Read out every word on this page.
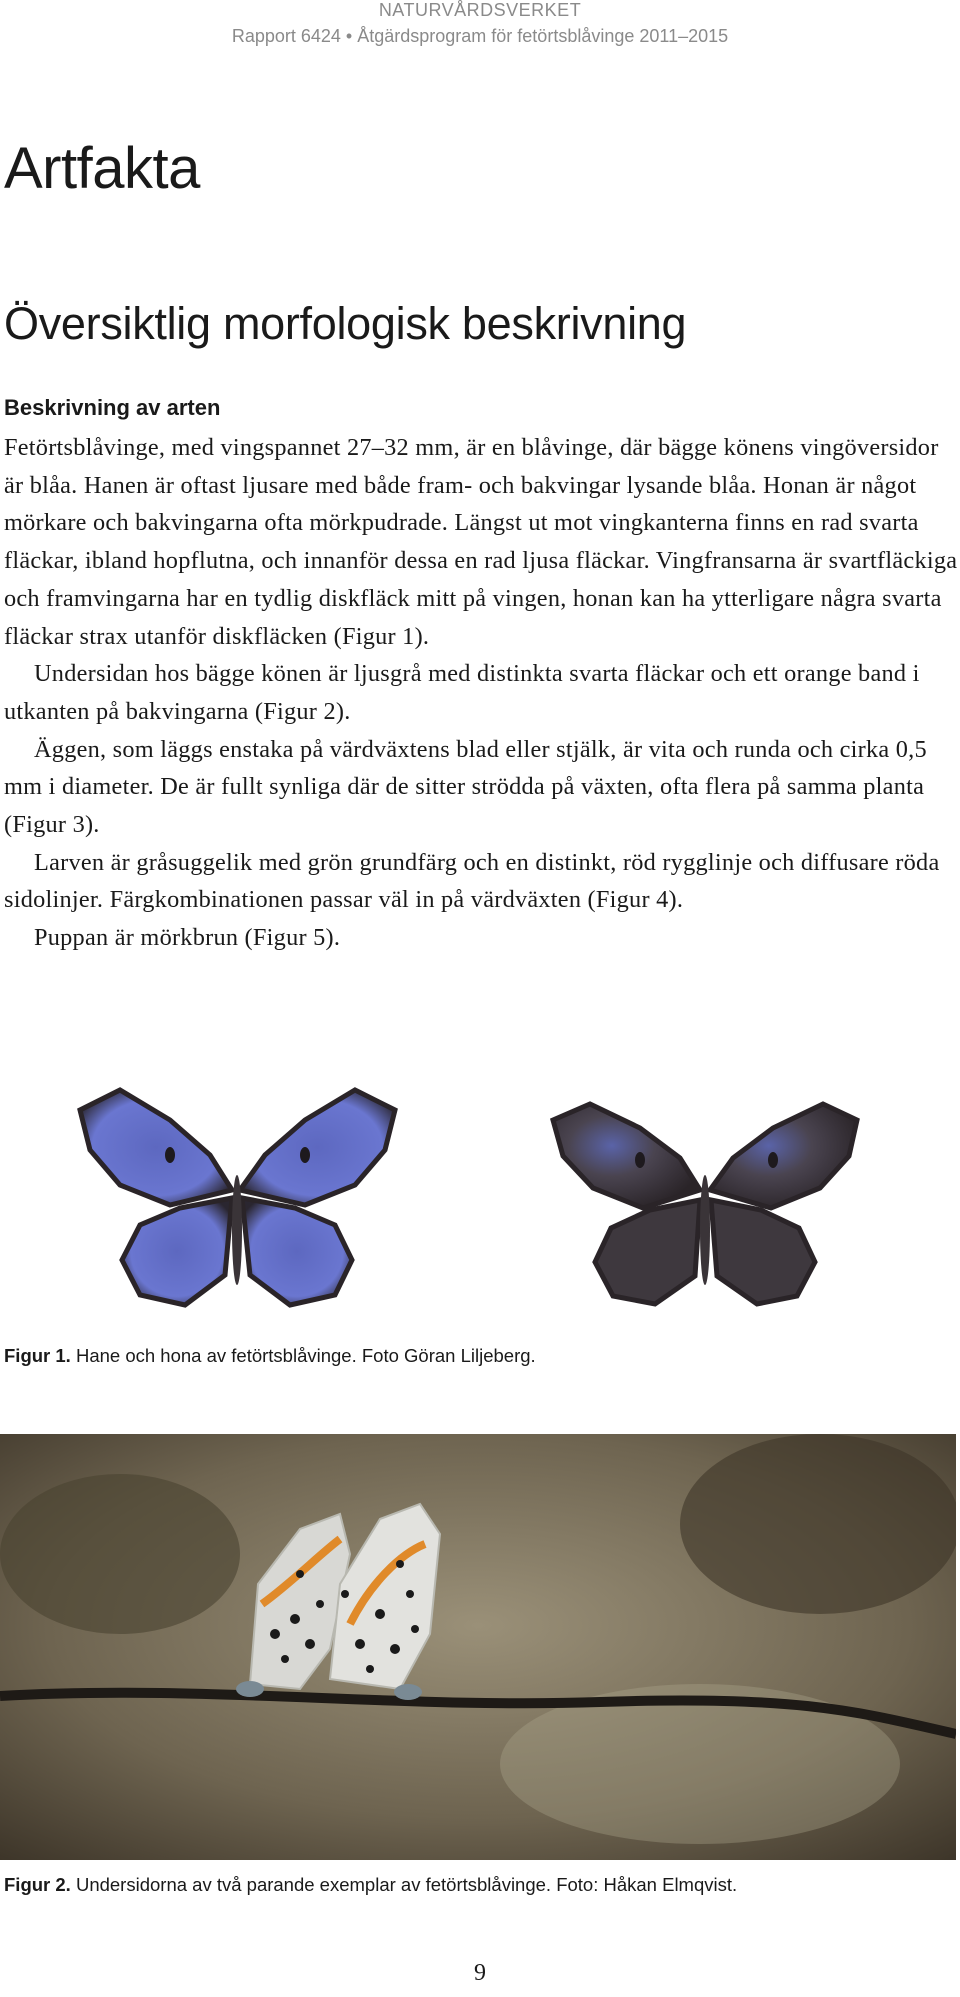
NATURVÅRDSVERKET
Rapport 6424 • Åtgärdsprogram för fetörtsblåvinge 2011–2015
Artfakta
Översiktlig morfologisk beskrivning
Beskrivning av arten

Fetörtsblåvinge, med vingspannet 27–32 mm, är en blåvinge, där bägge könens vingöversidor är blåa. Hanen är oftast ljusare med både fram- och bakvingar lysande blåa. Honan är något mörkare och bakvingarna ofta mörkpudrade. Längst ut mot vingkanterna finns en rad svarta fläckar, ibland hopflutna, och innanför dessa en rad ljusa fläckar. Vingfransarna är svartfläckiga och framvingarna har en tydlig diskfläck mitt på vingen, honan kan ha ytterligare några svarta fläckar strax utanför diskfläcken (Figur 1).

Undersidan hos bägge könen är ljusgrå med distinkta svarta fläckar och ett orange band i utkanten på bakvingarna (Figur 2).

Äggen, som läggs enstaka på värdväxtens blad eller stjälk, är vita och runda och cirka 0,5 mm i diameter. De är fullt synliga där de sitter strödda på växten, ofta flera på samma planta (Figur 3).

Larven är gråsuggelik med grön grundfärg och en distinkt, röd rygglinje och diffusare röda sidolinjer. Färgkombinationen passar väl in på värdväxten (Figur 4).

Puppan är mörkbrun (Figur 5).

Figur 1. Hane och hona av fetörtsblåvinge. Foto Göran Liljeberg.
Figur 2. Undersidorna av två parande exemplar av fetörtsblåvinge. Foto: Håkan Elmqvist.
9
